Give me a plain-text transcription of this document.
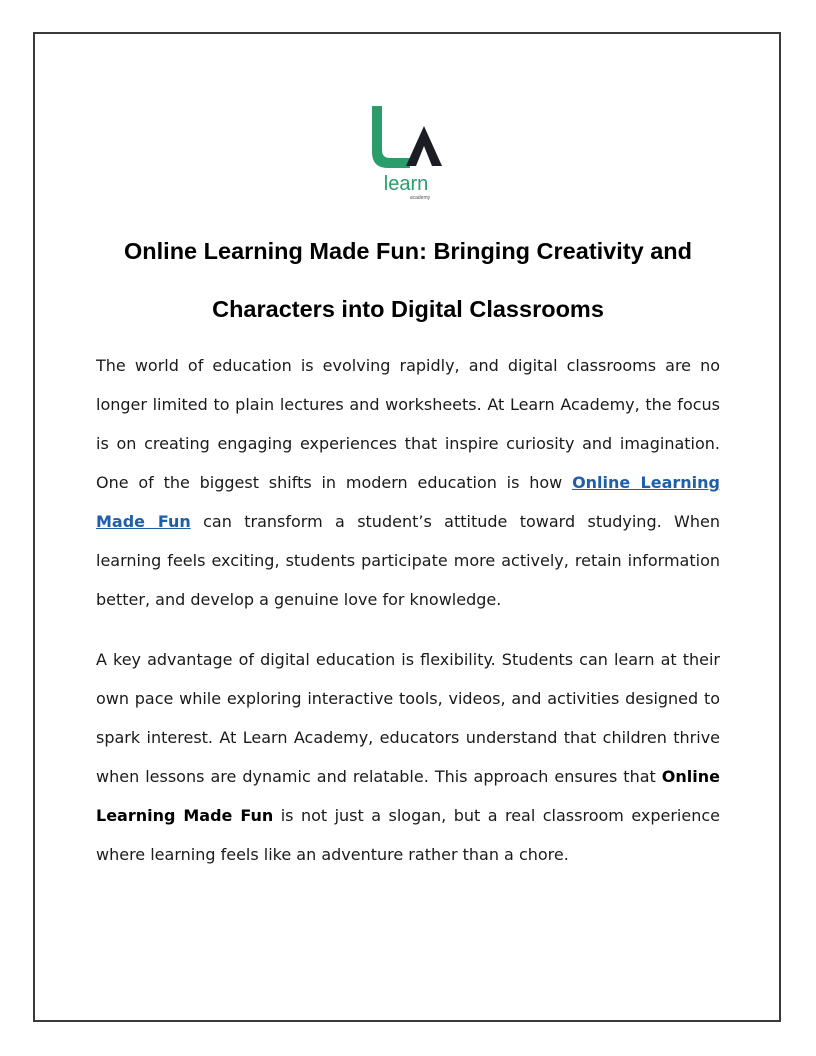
learn
academy
Online Learning Made Fun: Bringing Creativity and Characters into Digital Classrooms

The world of education is evolving rapidly, and digital classrooms are no longer limited to plain lectures and worksheets. At Learn Academy, the focus is on creating engaging experiences that inspire curiosity and imagination. One of the biggest shifts in modern education is how Online Learning Made Fun can transform a student’s attitude toward studying. When learning feels exciting, students participate more actively, retain information better, and develop a genuine love for knowledge.

A key advantage of digital education is flexibility. Students can learn at their own pace while exploring interactive tools, videos, and activities designed to spark interest. At Learn Academy, educators understand that children thrive when lessons are dynamic and relatable. This approach ensures that Online Learning Made Fun is not just a slogan, but a real classroom experience where learning feels like an adventure rather than a chore.
